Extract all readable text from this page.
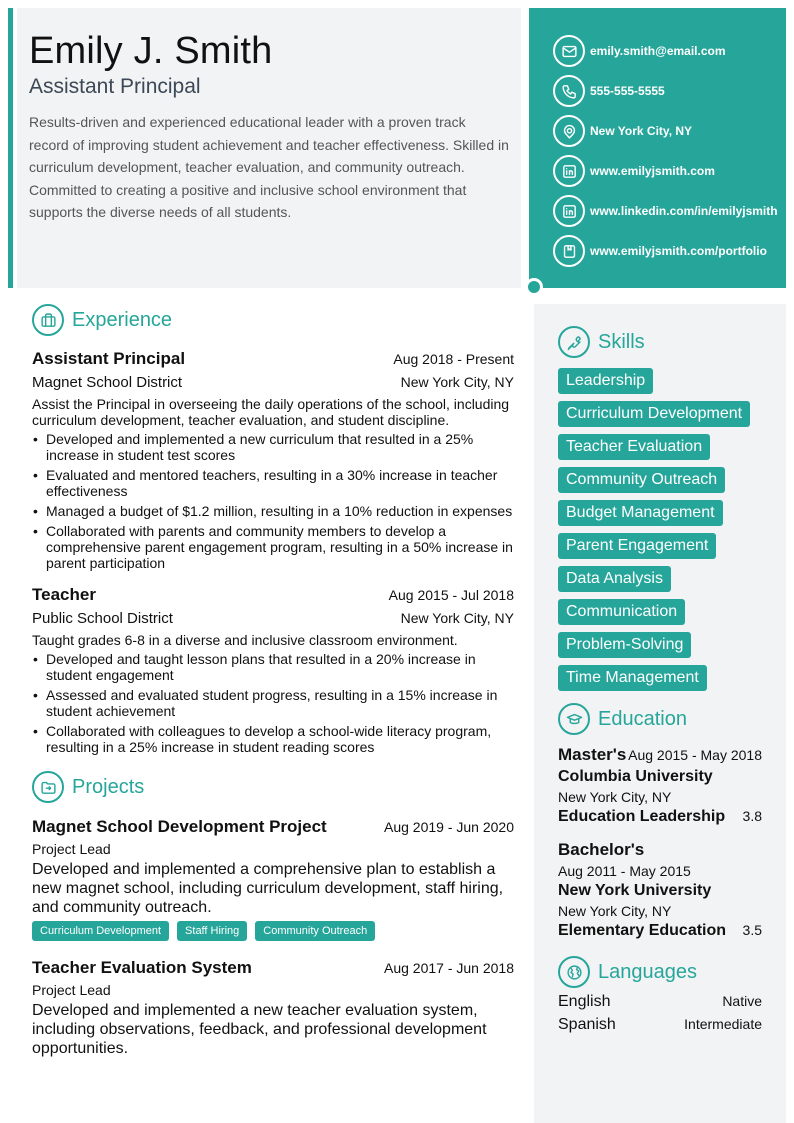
Emily J. Smith
Assistant Principal

Results-driven and experienced educational leader with a proven track record of improving student achievement and teacher effectiveness. Skilled in curriculum development, teacher evaluation, and community outreach. Committed to creating a positive and inclusive school environment that supports the diverse needs of all students.

emily.smith@email.com
555-555-5555
New York City, NY
www.emilyjsmith.com
www.linkedin.com/in/emilyjsmith
www.emilyjsmith.com/portfolio
Experience
Assistant Principal	Aug 2018 - Present
Magnet School District	New York City, NY

Assist the Principal in overseeing the daily operations of the school, including curriculum development, teacher evaluation, and student discipline.

• Developed and implemented a new curriculum that resulted in a 25% increase in student test scores
• Evaluated and mentored teachers, resulting in a 30% increase in teacher effectiveness
• Managed a budget of $1.2 million, resulting in a 10% reduction in expenses
• Collaborated with parents and community members to develop a comprehensive parent engagement program, resulting in a 50% increase in parent participation
Teacher	Aug 2015 - Jul 2018
Public School District	New York City, NY

Taught grades 6-8 in a diverse and inclusive classroom environment.

• Developed and taught lesson plans that resulted in a 20% increase in student engagement
• Assessed and evaluated student progress, resulting in a 15% increase in student achievement
• Collaborated with colleagues to develop a school-wide literacy program, resulting in a 25% increase in student reading scores
Projects
Magnet School Development Project	Aug 2019 - Jun 2020
Project Lead

Developed and implemented a comprehensive plan to establish a new magnet school, including curriculum development, staff hiring, and community outreach.

Curriculum Development	Staff Hiring	Community Outreach
Teacher Evaluation System	Aug 2017 - Jun 2018
Project Lead

Developed and implemented a new teacher evaluation system, including observations, feedback, and professional development opportunities.

Skills
Leadership
Curriculum Development
Teacher Evaluation
Community Outreach
Budget Management
Parent Engagement
Data Analysis
Communication
Problem-Solving
Time Management
Education
Master's Aug 2015 - May 2018
Columbia University
New York City, NY
Education Leadership 3.8
Bachelor's
Aug 2011 - May 2015
New York University
New York City, NY
Elementary Education 3.5
Languages
English	Native
Spanish	Intermediate
